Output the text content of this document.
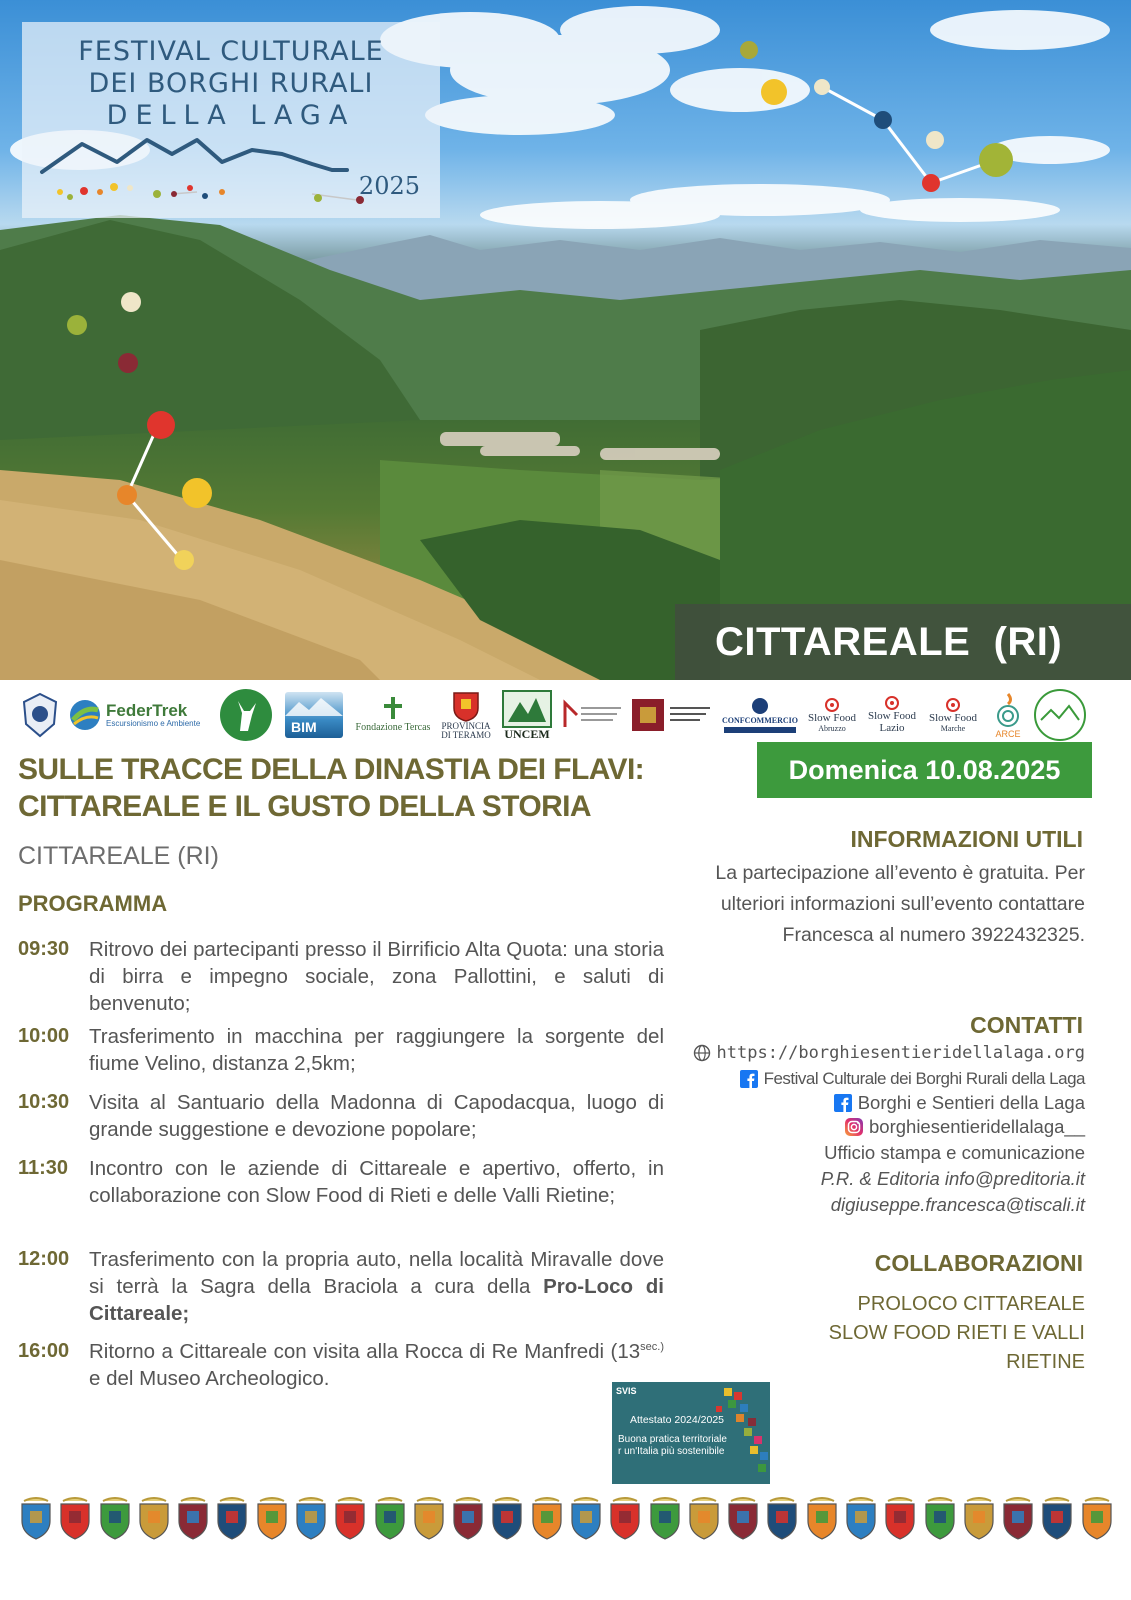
FESTIVAL CULTURALE
DEI BORGHI RURALI
DELLA LAGA
2025
CITTAREALE  (RI)
FederTrek
Escursionismo e Ambiente	BIM	Fondazione Tercas PROVINCIA
DI TERAMO UNCEM
CONFCOMMERCIO Slow Food
Abruzzo
Slow Food
Lazio
Slow Food
Marche
ARCE
SULLE TRACCE DELLA DINASTIA DEI FLAVI:
CITTAREALE E IL GUSTO DELLA STORIA
CITTAREALE (RI)
PROGRAMMA
09:30 Ritrovo dei partecipanti presso il Birrificio Alta Quota: una storia di birra e impegno sociale, zona Pallottini, e saluti di benvenuto;
10:00 Trasferimento in macchina per raggiungere la sorgente del fiume Velino, distanza 2,5km;
10:30 Visita al Santuario della Madonna di Capodacqua, luogo di grande suggestione e devozione popolare;
11:30 Incontro con le aziende di Cittareale e apertivo, offerto, in collaborazione con Slow Food di Rieti e delle Valli Rietine;
12:00 Trasferimento con la propria auto, nella località Miravalle dove si terrà la Sagra della Braciola a cura della Pro-Loco di Cittareale;
16:00 Ritorno a Cittareale con visita alla Rocca di Re Manfredi ($13^{sec.)}$ e del Museo Archeologico.
Domenica 10.08.2025
INFORMAZIONI UTILI
La partecipazione all’evento è gratuita. Per ulteriori informazioni sull’evento contattare Francesca al numero 3922432325.
CONTATTI
https://borghiesentieridellalaga.org
Festival Culturale dei Borghi Rurali della Laga
Borghi e Sentieri della Laga
borghiesentieridellalaga__
Ufficio stampa e comunicazione
P.R. & Editoria info@preditoria.it
digiuseppe.francesca@tiscali.it
COLLABORAZIONI
PROLOCO CITTAREALE
SLOW FOOD RIETI E VALLI
RIETINE
SVIS
Attestato 2024/2025
Buona pratica territoriale
r un'Italia più sostenibile
